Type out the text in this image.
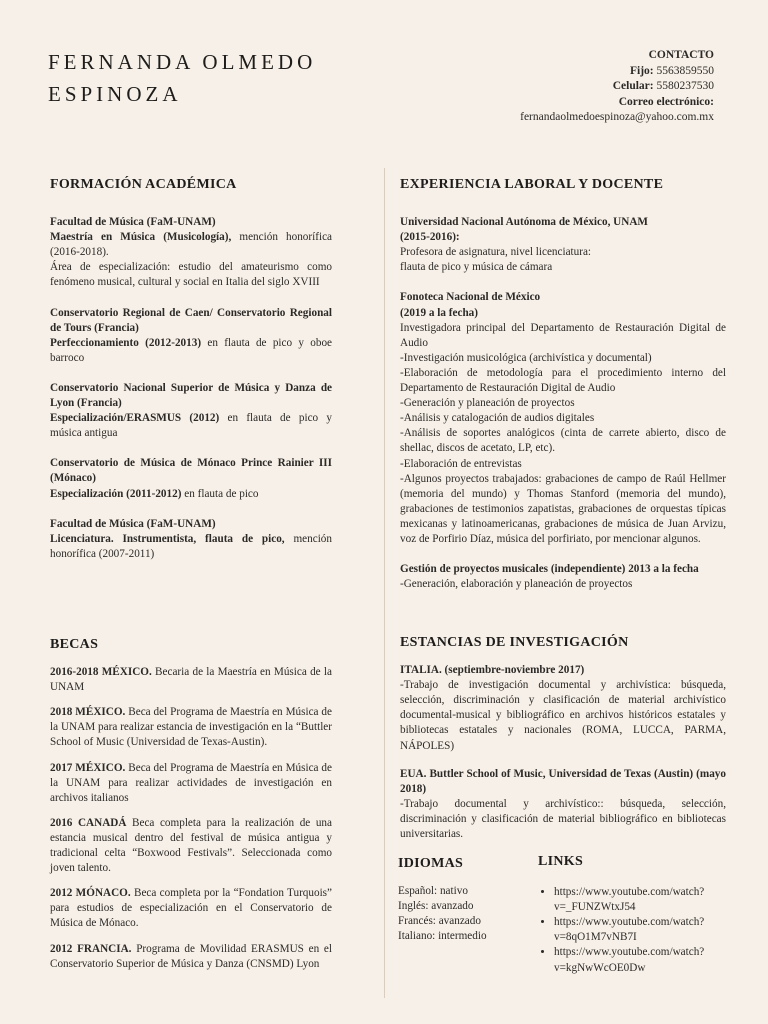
FERNANDA OLMEDO
ESPINOZA
CONTACTO
Fijo: 5563859550
Celular: 5580237530
Correo electrónico:
fernandaolmedoespinoza@yahoo.com.mx
FORMACIÓN ACADÉMICA
Facultad de Música (FaM-UNAM)

Maestría en Música (Musicología), mención honorífica (2016-2018).

Área de especialización: estudio del amateurismo como fenómeno musical, cultural y social en Italia del siglo XVIII

Conservatorio Regional de Caen/ Conservatorio Regional de Tours (Francia)

Perfeccionamiento (2012-2013) en flauta de pico y oboe barroco

Conservatorio Nacional Superior de Música y Danza de Lyon (Francia)

Especialización/ERASMUS (2012) en flauta de pico y música antigua

Conservatorio de Música de Mónaco Prince Rainier III (Mónaco)

Especialización (2011-2012) en flauta de pico

Facultad de Música (FaM-UNAM)

Licenciatura. Instrumentista, flauta de pico, mención honorífica (2007-2011)

BECAS

2016-2018 MÉXICO. Becaria de la Maestría en Música de la UNAM

2018 MÉXICO. Beca del Programa de Maestría en Música de la UNAM para realizar estancia de investigación en la “Buttler School of Music (Universidad de Texas-Austin).

2017 MÉXICO. Beca del Programa de Maestría en Música de la UNAM para realizar actividades de investigación en archivos italianos

2016 CANADÁ Beca completa para la realización de una estancia musical dentro del festival de música antigua y tradicional celta “Boxwood Festivals”. Seleccionada como joven talento.

2012 MÓNACO. Beca completa por la “Fondation Turquois” para estudios de especialización en el Conservatorio de Música de Mónaco.

2012 FRANCIA. Programa de Movilidad ERASMUS en el Conservatorio Superior de Música y Danza (CNSMD) Lyon

EXPERIENCIA LABORAL Y DOCENTE
Universidad Nacional Autónoma de México, UNAM
(2015-2016):

Profesora de asignatura, nivel licenciatura:

flauta de pico y música de cámara

Fonoteca Nacional de México
(2019 a la fecha)

Investigadora principal del Departamento de Restauración Digital de Audio

-Investigación musicológica (archivística y documental)

-Elaboración de metodología para el procedimiento interno del Departamento de Restauración Digital de Audio

-Generación y planeación de proyectos

-Análisis y catalogación de audios digitales

-Análisis de soportes analógicos (cinta de carrete abierto, disco de shellac, discos de acetato, LP, etc).

-Elaboración de entrevistas

-Algunos proyectos trabajados: grabaciones de campo de Raúl Hellmer (memoria del mundo) y Thomas Stanford (memoria del mundo), grabaciones de testimonios zapatistas, grabaciones de orquestas típicas mexicanas y latinoamericanas, grabaciones de música de Juan Arvizu, voz de Porfirio Díaz, música del porfiriato, por mencionar algunos.

Gestión de proyectos musicales (independiente) 2013 a la fecha

-Generación, elaboración y planeación de proyectos

ESTANCIAS DE INVESTIGACIÓN
ITALIA. (septiembre-noviembre 2017)

-Trabajo de investigación documental y archivística: búsqueda, selección, discriminación y clasificación de material archivístico documental-musical y bibliográfico en archivos históricos estatales y bibliotecas estatales y nacionales (ROMA, LUCCA, PARMA, NÁPOLES)

EUA. Buttler School of Music, Universidad de Texas (Austin) (mayo 2018)

-Trabajo documental y archivístico:: búsqueda, selección, discriminación y clasificación de material bibliográfico en bibliotecas universitarias.

IDIOMAS
Español: nativo
Inglés: avanzado
Francés: avanzado
Italiano: intermedio
LINKS
• https://www.youtube.com/watch?v=_FUNZWtxJ54
• https://www.youtube.com/watch?v=8qO1M7vNB7I
• https://www.youtube.com/watch?v=kgNwWcOE0Dw
